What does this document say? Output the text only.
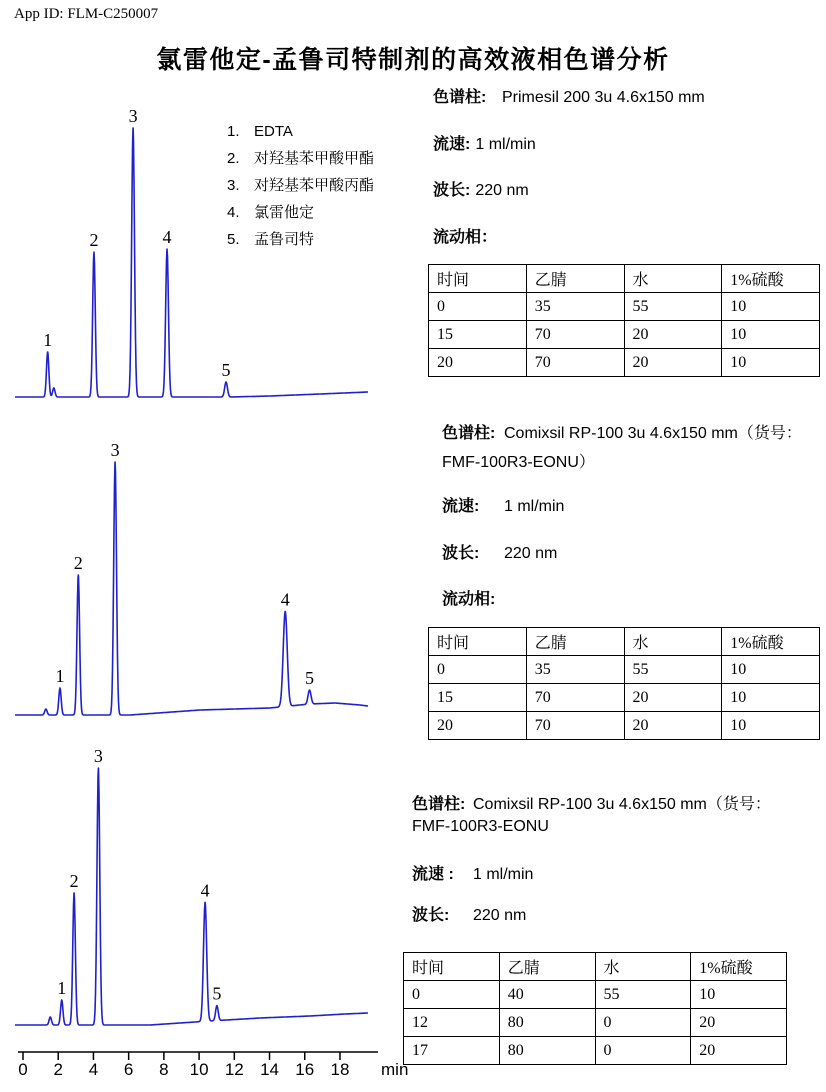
App ID: FLM-C250007
氯雷他定-孟鲁司特制剂的高效液相色谱分析
1
2
3
4
5
1
2
3
4
5
1
2
3
4
5
0 2 4 6 8 10 12 14 16 18 min
1. EDTA
2. 对羟基苯甲酸甲酯
3. 对羟基苯甲酸丙酯
4. 氯雷他定
5. 孟鲁司特
色谱柱: Primesil 200 3u 4.6x150 mm
流速: 1 ml/min
波长: 220 nm
流动相：
时间	乙腈	水	1%硫酸
0	35	55	10
15	70	20	10
20	70	20	10
色谱柱: Comixsil RP-100 3u 4.6x150 mm（货号：
FMF-100R3-EONU）
流速: 1 ml/min
波长: 220 nm
流动相:
时间	乙腈	水	1%硫酸
0	35	55	10
15	70	20	10
20	70	20	10
色谱柱: Comixsil RP-100 3u 4.6x150 mm（货号：
FMF-100R3-EONU
流速 : 1 ml/min
波长: 220 nm
时间	乙腈	水	1%硫酸
0	40	55	10
12	80	0	20
17	80	0	20
